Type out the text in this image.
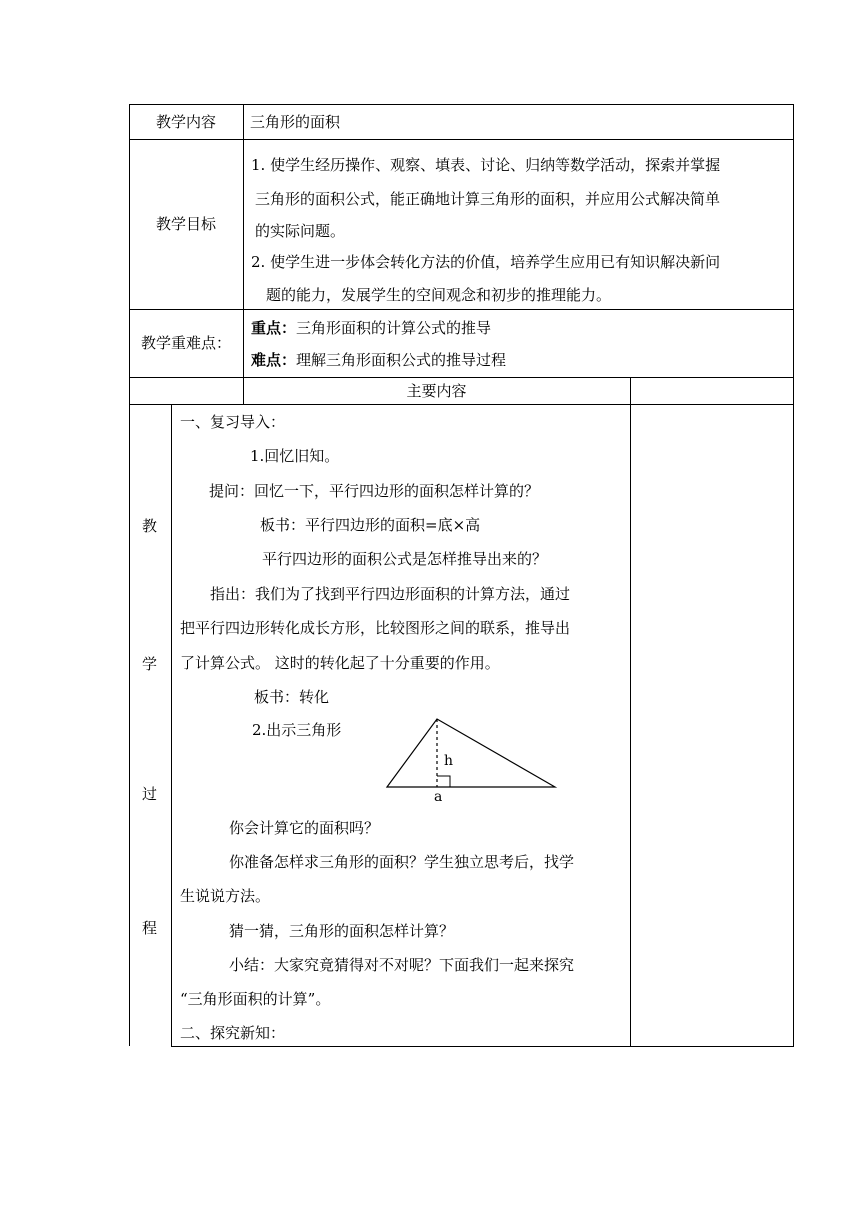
教学内容	三角形的面积
教学目标
1. 使学生经历操作、观察、填表、讨论、归纳等数学活动，探索并掌握
三角形的面积公式，能正确地计算三角形的面积，并应用公式解决简单
的实际问题。
2. 使学生进一步体会转化方法的价值，培养学生应用已有知识解决新问
题的能力，发展学生的空间观念和初步的推理能力。
教学重难点：
重点：三角形面积的计算公式的推导
难点：理解三角形面积公式的推导过程
主要内容
教
学
过
程
一、复习导入：
1.回忆旧知。
提问：回忆一下，平行四边形的面积怎样计算的？
板书：平行四边形的面积=底×高
平行四边形的面积公式是怎样推导出来的？
指出：我们为了找到平行四边形面积的计算方法，通过
把平行四边形转化成长方形，比较图形之间的联系，推导出
了计算公式。 这时的转化起了十分重要的作用。
板书：转化
2.出示三角形
h
a
你会计算它的面积吗？
你准备怎样求三角形的面积？学生独立思考后，找学
生说说方法。
猜一猜，三角形的面积怎样计算？
小结：大家究竟猜得对不对呢？下面我们一起来探究
“三角形面积的计算”。
二、探究新知：
